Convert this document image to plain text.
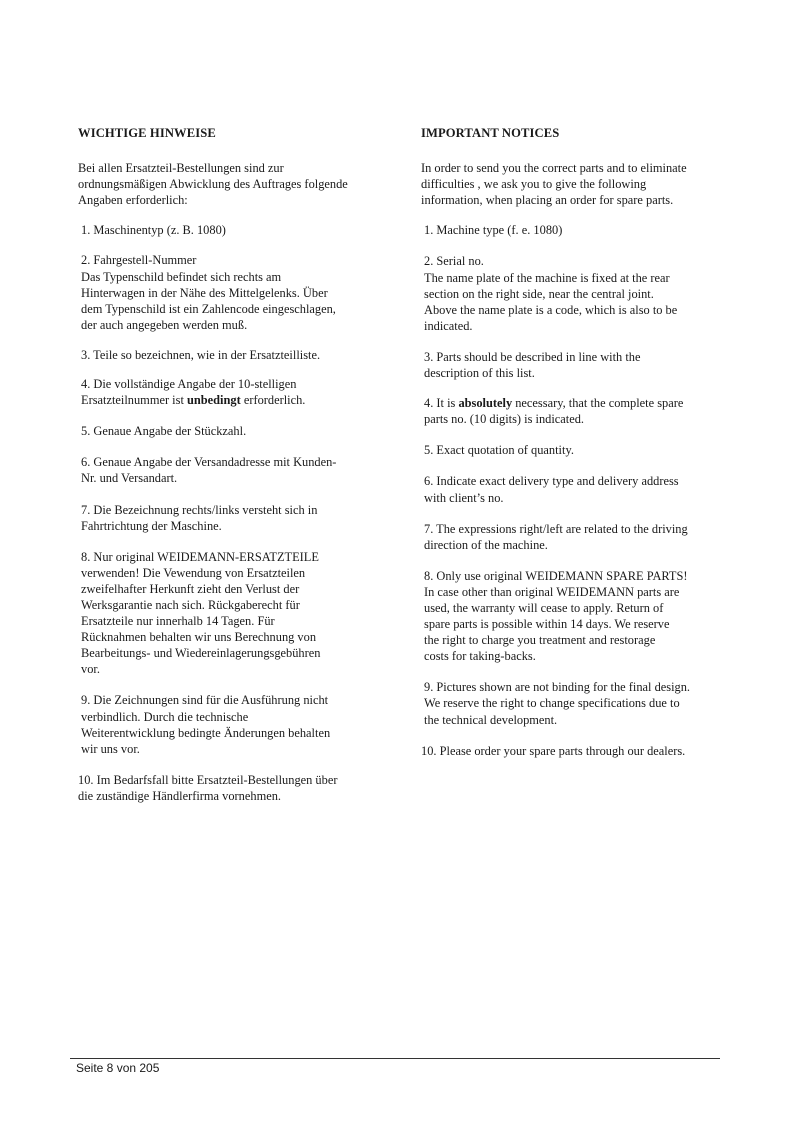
WICHTIGE HINWEISE
Bei allen Ersatzteil-Bestellungen sind zur
ordnungsmäßigen Abwicklung des Auftrages folgende
Angaben erforderlich:
1. Maschinentyp (z. B. 1080)
2. Fahrgestell-Nummer
Das Typenschild befindet sich rechts am
Hinterwagen in der Nähe des Mittelgelenks. Über
dem Typenschild ist ein Zahlencode eingeschlagen,
der auch angegeben werden muß.
3. Teile so bezeichnen, wie in der Ersatzteilliste.
4. Die vollständige Angabe der 10-stelligen
Ersatzteilnummer ist unbedingt erforderlich.
5. Genaue Angabe der Stückzahl.
6. Genaue Angabe der Versandadresse mit Kunden-
Nr. und Versandart.
7. Die Bezeichnung rechts/links versteht sich in
Fahrtrichtung der Maschine.
8. Nur original WEIDEMANN-ERSATZTEILE
verwenden! Die Vewendung von Ersatzteilen
zweifelhafter Herkunft zieht den Verlust der
Werksgarantie nach sich. Rückgaberecht für
Ersatzteile nur innerhalb 14 Tagen. Für
Rücknahmen behalten wir uns Berechnung von
Bearbeitungs- und Wiedereinlagerungsgebühren
vor.
9. Die Zeichnungen sind für die Ausführung nicht
verbindlich. Durch die technische
Weiterentwicklung bedingte Änderungen behalten
wir uns vor.
10. Im Bedarfsfall bitte Ersatzteil-Bestellungen über
die zuständige Händlerfirma vornehmen.
IMPORTANT NOTICES
In order to send you the correct parts and to eliminate
difficulties , we ask you to give the following
information, when placing an order for spare parts.
1. Machine type (f. e. 1080)
2. Serial no.
The name plate of the machine is fixed at the rear
section on the right side, near the central joint.
Above the name plate is a code, which is also to be
indicated.
3. Parts should be described in line with the
description of this list.
4. It is absolutely necessary, that the complete spare
parts no. (10 digits) is indicated.
5. Exact quotation of quantity.
6. Indicate exact delivery type and delivery address
with client’s no.
7. The expressions right/left are related to the driving
direction of the machine.
8. Only use original WEIDEMANN SPARE PARTS!
In case other than original WEIDEMANN parts are
used, the warranty will cease to apply. Return of
spare parts is possible within 14 days. We reserve
the right to charge you treatment and restorage
costs for taking-backs.
9. Pictures shown are not binding for the final design.
We reserve the right to change specifications due to
the technical development.
10. Please order your spare parts through our dealers.
Seite 8 von 205
